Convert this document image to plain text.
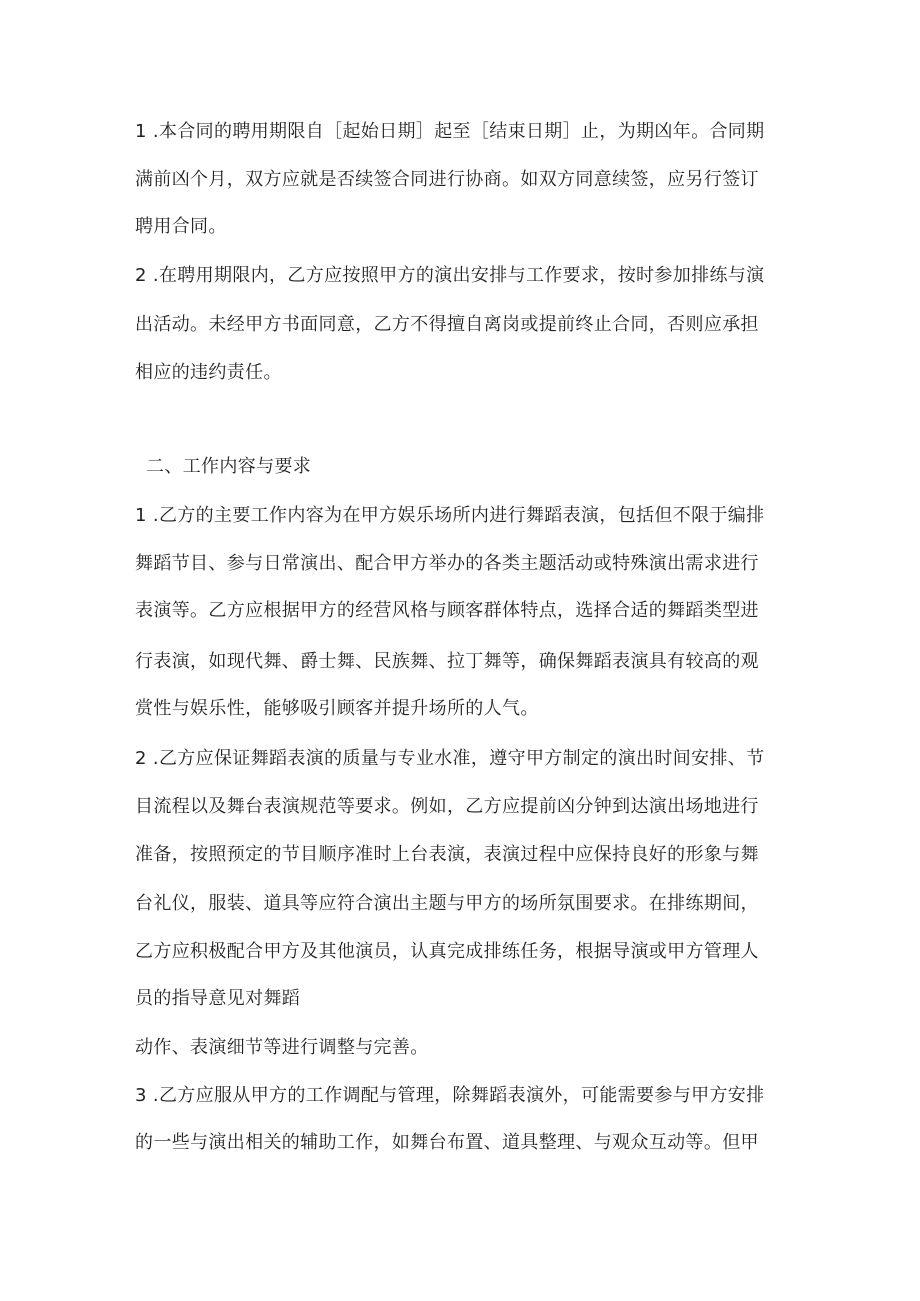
1 .本合同的聘用期限自［起始日期］起至［结束日期］止，为期凶年。合同期
满前凶个月，双方应就是否续签合同进行协商。如双方同意续签，应另行签订
聘用合同。
2 .在聘用期限内，乙方应按照甲方的演出安排与工作要求，按时参加排练与演
出活动。未经甲方书面同意，乙方不得擅自离岗或提前终止合同，否则应承担
相应的违约责任。
二、工作内容与要求
1 .乙方的主要工作内容为在甲方娱乐场所内进行舞蹈表演，包括但不限于编排
舞蹈节目、参与日常演出、配合甲方举办的各类主题活动或特殊演出需求进行
表演等。乙方应根据甲方的经营风格与顾客群体特点，选择合适的舞蹈类型进
行表演，如现代舞、爵士舞、民族舞、拉丁舞等，确保舞蹈表演具有较高的观
赏性与娱乐性，能够吸引顾客并提升场所的人气。
2 .乙方应保证舞蹈表演的质量与专业水准，遵守甲方制定的演出时间安排、节
目流程以及舞台表演规范等要求。例如，乙方应提前凶分钟到达演出场地进行
准备，按照预定的节目顺序准时上台表演，表演过程中应保持良好的形象与舞
台礼仪，服装、道具等应符合演出主题与甲方的场所氛围要求。在排练期间，
乙方应积极配合甲方及其他演员，认真完成排练任务，根据导演或甲方管理人
员的指导意见对舞蹈
动作、表演细节等进行调整与完善。
3 .乙方应服从甲方的工作调配与管理，除舞蹈表演外，可能需要参与甲方安排
的一些与演出相关的辅助工作，如舞台布置、道具整理、与观众互动等。但甲
